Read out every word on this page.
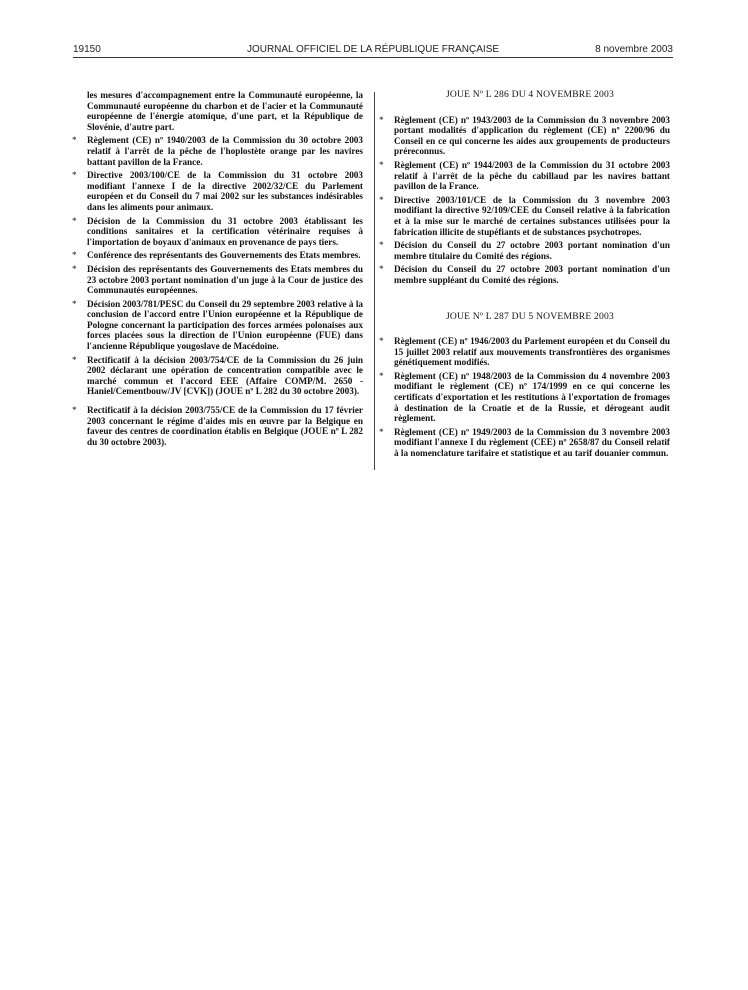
19150	JOURNAL OFFICIEL DE LA RÉPUBLIQUE FRANÇAISE	8 novembre 2003
les mesures d'accompagnement entre la Communauté européenne, la Communauté européenne du charbon et de l'acier et la Communauté européenne de l'énergie atomique, d'une part, et la République de Slovénie, d'autre part.
* Règlement (CE) nº 1940/2003 de la Commission du 30 octobre 2003 relatif à l'arrêt de la pêche de l'hoplostète orange par les navires battant pavillon de la France.
* Directive 2003/100/CE de la Commission du 31 octobre 2003 modifiant l'annexe I de la directive 2002/32/CE du Parlement européen et du Conseil du 7 mai 2002 sur les substances indésirables dans les aliments pour animaux.
* Décision de la Commission du 31 octobre 2003 établissant les conditions sanitaires et la certification vétérinaire requises à l'importation de boyaux d'animaux en provenance de pays tiers.
* Conférence des représentants des Gouvernements des Etats membres.
* Décision des représentants des Gouvernements des Etats membres du 23 octobre 2003 portant nomination d'un juge à la Cour de justice des Communautés européennes.
* Décision 2003/781/PESC du Conseil du 29 septembre 2003 relative à la conclusion de l'accord entre l'Union européenne et la République de Pologne concernant la participation des forces armées polonaises aux forces placées sous la direction de l'Union européenne (FUE) dans l'ancienne République yougoslave de Macédoine.
* Rectificatif à la décision 2003/754/CE de la Commission du 26 juin 2002 déclarant une opération de concentration compatible avec le marché commun et l'accord EEE (Affaire COMP/M. 2650 - Haniel/Cementbouw/JV [CVK]) (JOUE nº L 282 du 30 octobre 2003).
* Rectificatif à la décision 2003/755/CE de la Commission du 17 février 2003 concernant le régime d'aides mis en œuvre par la Belgique en faveur des centres de coordination établis en Belgique (JOUE nº L 282 du 30 octobre 2003).
JOUE Nº L 286 DU 4 NOVEMBRE 2003
* Règlement (CE) nº 1943/2003 de la Commission du 3 novembre 2003 portant modalités d'application du règlement (CE) nº 2200/96 du Conseil en ce qui concerne les aides aux groupements de producteurs préreconnus.
* Règlement (CE) nº 1944/2003 de la Commission du 31 octobre 2003 relatif à l'arrêt de la pêche du cabillaud par les navires battant pavillon de la France.
* Directive 2003/101/CE de la Commission du 3 novembre 2003 modifiant la directive 92/109/CEE du Conseil relative à la fabrication et à la mise sur le marché de certaines substances utilisées pour la fabrication illicite de stupéfiants et de substances psychotropes.
* Décision du Conseil du 27 octobre 2003 portant nomination d'un membre titulaire du Comité des régions.
* Décision du Conseil du 27 octobre 2003 portant nomination d'un membre suppléant du Comité des régions.
JOUE Nº L 287 DU 5 NOVEMBRE 2003
* Règlement (CE) nº 1946/2003 du Parlement européen et du Conseil du 15 juillet 2003 relatif aux mouvements transfrontières des organismes génétiquement modifiés.
* Règlement (CE) nº 1948/2003 de la Commission du 4 novembre 2003 modifiant le règlement (CE) nº 174/1999 en ce qui concerne les certificats d'exportation et les restitutions à l'exportation de fromages à destination de la Croatie et de la Russie, et dérogeant audit règlement.
* Règlement (CE) nº 1949/2003 de la Commission du 3 novembre 2003 modifiant l'annexe I du règlement (CEE) nº 2658/87 du Conseil relatif à la nomenclature tarifaire et statistique et au tarif douanier commun.
